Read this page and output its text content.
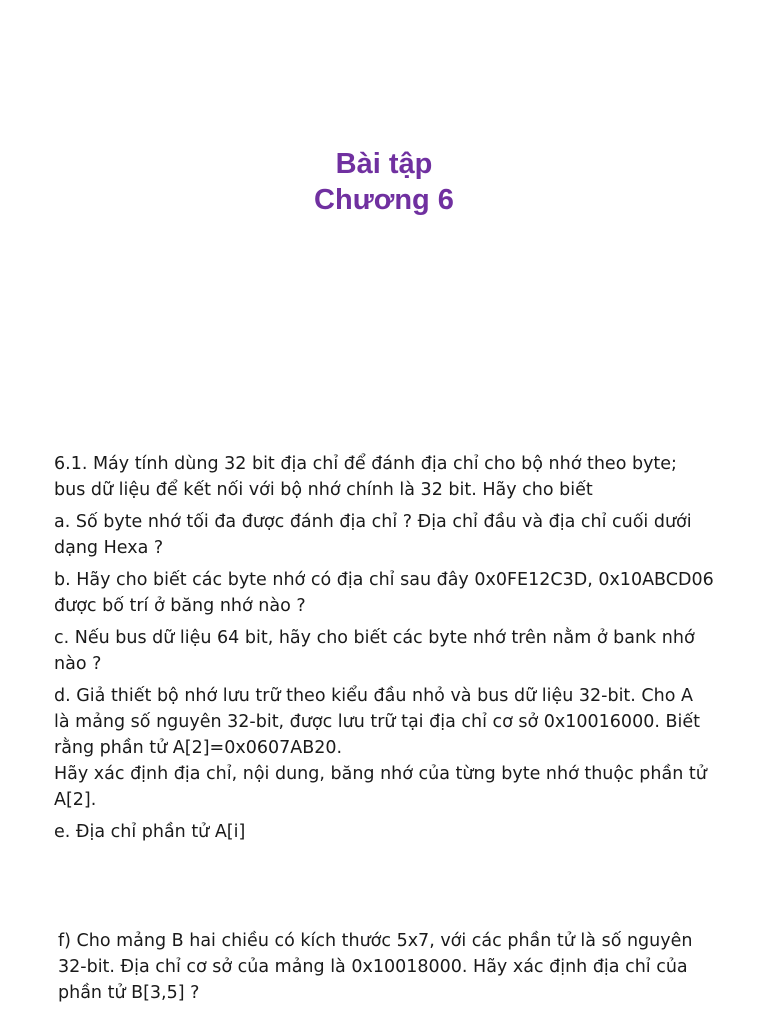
Bài tập
Chương 6
6.1. Máy tính dùng 32 bit địa chỉ để đánh địa chỉ cho bộ nhớ theo byte;
bus dữ liệu để kết nối với bộ nhớ chính là 32 bit. Hãy cho biết
a. Số byte nhớ tối đa được đánh địa chỉ ? Địa chỉ đầu và địa chỉ cuối dưới
dạng Hexa ?
b. Hãy cho biết các byte nhớ có địa chỉ sau đây 0x0FE12C3D, 0x10ABCD06
được bố trí ở băng nhớ nào ?
c. Nếu bus dữ liệu 64 bit, hãy cho biết các byte nhớ trên nằm ở bank nhớ
nào ?
d. Giả thiết bộ nhớ lưu trữ theo kiểu đầu nhỏ và bus dữ liệu 32-bit. Cho A
là mảng số nguyên 32-bit, được lưu trữ tại địa chỉ cơ sở 0x10016000. Biết
rằng phần tử A[2]=0x0607AB20.
Hãy xác định địa chỉ, nội dung, băng nhớ của từng byte nhớ thuộc phần tử
A[2].
e. Địa chỉ phần tử A[i]
f) Cho mảng B hai chiều có kích thước 5x7, với các phần tử là số nguyên
32-bit. Địa chỉ cơ sở của mảng là 0x10018000. Hãy xác định địa chỉ của
phần tử B[3,5] ?
